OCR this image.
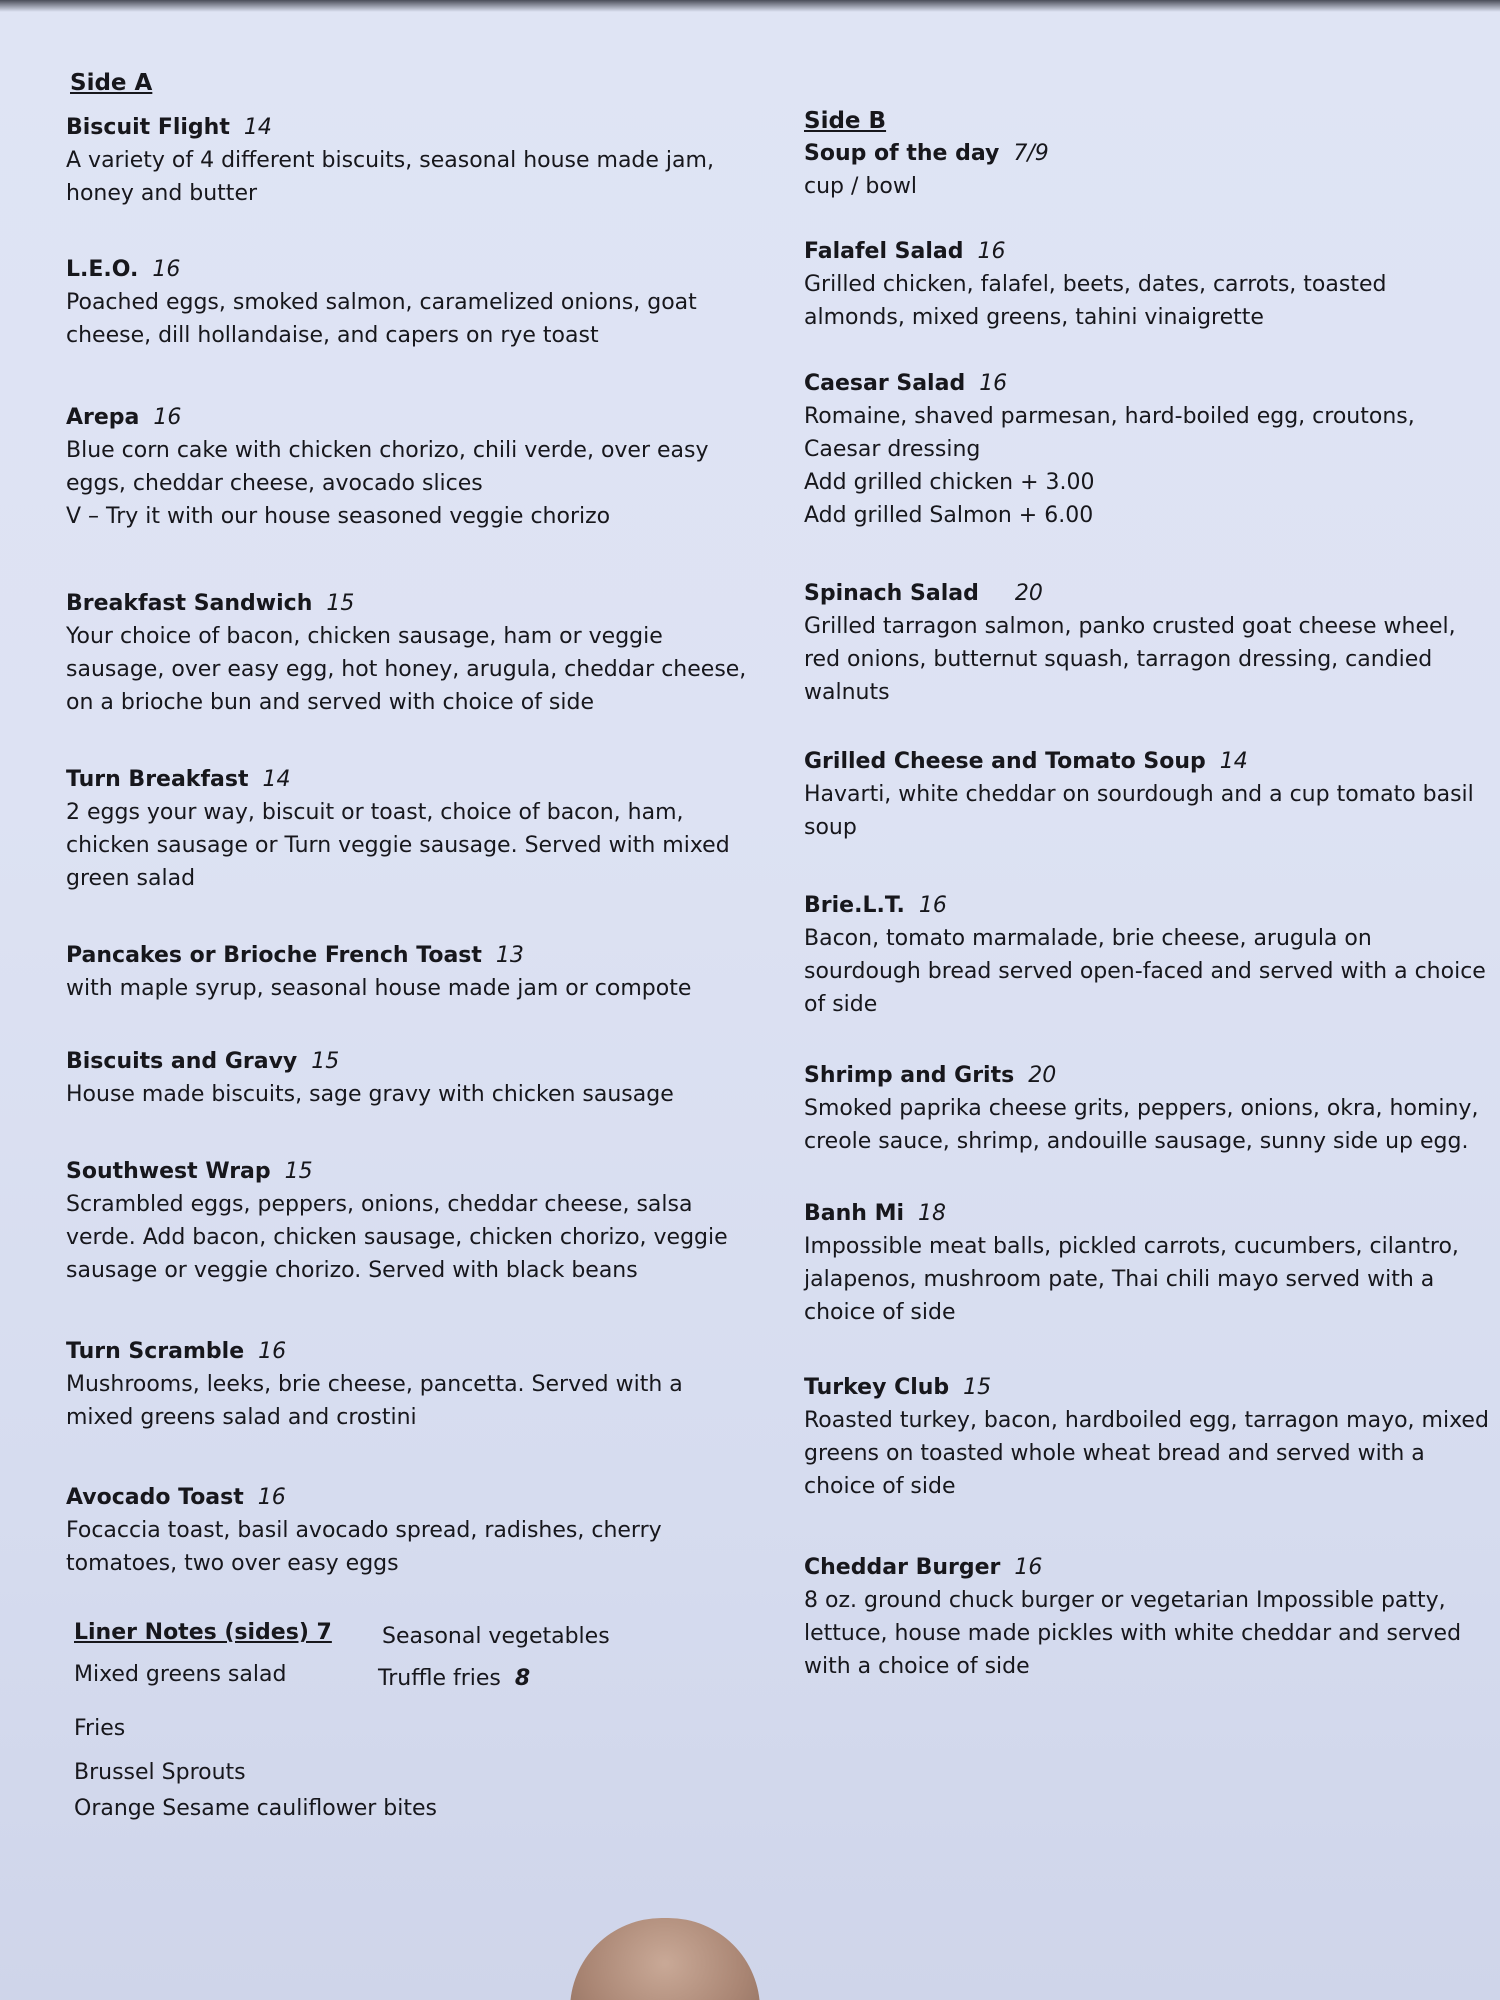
Side A
Biscuit Flight 14
A variety of 4 different biscuits, seasonal house made jam,
honey and butter
L.E.O. 16
Poached eggs, smoked salmon, caramelized onions, goat
cheese, dill hollandaise, and capers on rye toast
Arepa 16
Blue corn cake with chicken chorizo, chili verde, over easy
eggs, cheddar cheese, avocado slices
V – Try it with our house seasoned veggie chorizo
Breakfast Sandwich 15
Your choice of bacon, chicken sausage, ham or veggie
sausage, over easy egg, hot honey, arugula, cheddar cheese,
on a brioche bun and served with choice of side
Turn Breakfast 14
2 eggs your way, biscuit or toast, choice of bacon, ham,
chicken sausage or Turn veggie sausage. Served with mixed
green salad
Pancakes or Brioche French Toast 13
with maple syrup, seasonal house made jam or compote
Biscuits and Gravy 15
House made biscuits, sage gravy with chicken sausage
Southwest Wrap 15
Scrambled eggs, peppers, onions, cheddar cheese, salsa
verde. Add bacon, chicken sausage, chicken chorizo, veggie
sausage or veggie chorizo. Served with black beans
Turn Scramble 16
Mushrooms, leeks, brie cheese, pancetta. Served with a
mixed greens salad and crostini
Avocado Toast 16
Focaccia toast, basil avocado spread, radishes, cherry
tomatoes, two over easy eggs
Liner Notes (sides) 7
Mixed greens salad
Fries
Brussel Sprouts
Orange Sesame cauliflower bites
Seasonal vegetables
Truffle fries 8
Side B
Soup of the day 7/9
cup / bowl
Falafel Salad 16
Grilled chicken, falafel, beets, dates, carrots, toasted
almonds, mixed greens, tahini vinaigrette
Caesar Salad 16
Romaine, shaved parmesan, hard-boiled egg, croutons,
Caesar dressing
Add grilled chicken + 3.00
Add grilled Salmon + 6.00
Spinach Salad 20
Grilled tarragon salmon, panko crusted goat cheese wheel,
red onions, butternut squash, tarragon dressing, candied
walnuts
Grilled Cheese and Tomato Soup 14
Havarti, white cheddar on sourdough and a cup tomato basil
soup
Brie.L.T. 16
Bacon, tomato marmalade, brie cheese, arugula on
sourdough bread served open-faced and served with a choice
of side
Shrimp and Grits 20
Smoked paprika cheese grits, peppers, onions, okra, hominy,
creole sauce, shrimp, andouille sausage, sunny side up egg.
Banh Mi 18
Impossible meat balls, pickled carrots, cucumbers, cilantro,
jalapenos, mushroom pate, Thai chili mayo served with a
choice of side
Turkey Club 15
Roasted turkey, bacon, hardboiled egg, tarragon mayo, mixed
greens on toasted whole wheat bread and served with a
choice of side
Cheddar Burger 16
8 oz. ground chuck burger or vegetarian Impossible patty,
lettuce, house made pickles with white cheddar and served
with a choice of side
